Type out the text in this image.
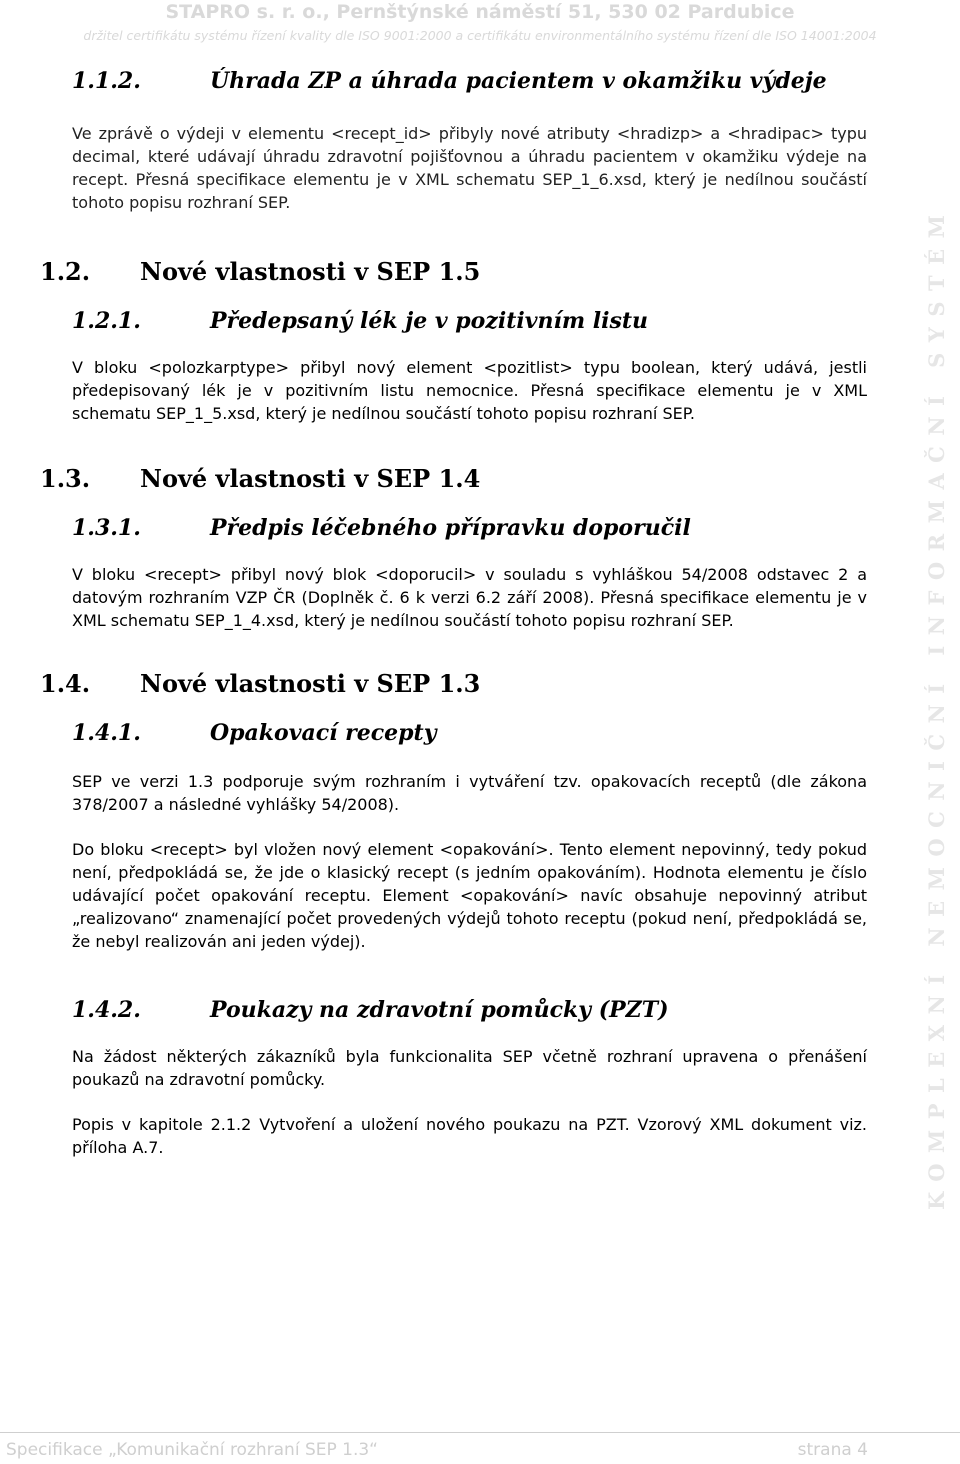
STAPRO s. r. o., Pernštýnské náměstí 51, 530 02 Pardubice
držitel certifikátu systému řízení kvality dle ISO 9001:2000 a certifikátu environmentálního systému řízení dle ISO 14001:2004
KOMPLEXNÍ NEMOCNIČNÍ INFORMAČNÍ SYSTÉM
1.1.2.	Úhrada ZP a úhrada pacientem v okamžiku výdeje

Ve zprávě o výdeji v elementu <recept_id> přibyly nové atributy <hradizp> a <hradipac> typu decimal, které udávají úhradu zdravotní pojišťovnou a úhradu pacientem v okamžiku výdeje na recept. Přesná specifikace elementu je v XML schematu SEP_1_6.xsd, který je nedílnou součástí tohoto popisu rozhraní SEP.

1.2. Nové vlastnosti v SEP 1.5
1.2.1.	Předepsaný lék je v pozitivním listu

V bloku <polozkarptype> přibyl nový element <pozitlist> typu boolean, který udává, jestli předepisovaný lék je v pozitivním listu nemocnice. Přesná specifikace elementu je v XML schematu SEP_1_5.xsd, který je nedílnou součástí tohoto popisu rozhraní SEP.

1.3. Nové vlastnosti v SEP 1.4
1.3.1.	Předpis léčebného přípravku doporučil

V bloku <recept> přibyl nový blok <doporucil> v souladu s vyhláškou 54/2008 odstavec 2 a datovým rozhraním VZP ČR (Doplněk č. 6 k verzi 6.2 září 2008). Přesná specifikace elementu je v XML schematu SEP_1_4.xsd, který je nedílnou součástí tohoto popisu rozhraní SEP.

1.4. Nové vlastnosti v SEP 1.3
1.4.1.	Opakovací recepty

SEP ve verzi 1.3 podporuje svým rozhraním i vytváření tzv. opakovacích receptů (dle zákona 378/2007 a následné vyhlášky 54/2008).

Do bloku <recept> byl vložen nový element <opakování>. Tento element nepovinný, tedy pokud není, předpokládá se, že jde o klasický recept (s jedním opakováním). Hodnota elementu je číslo udávající počet opakování receptu. Element <opakování> navíc obsahuje nepovinný atribut „realizovano“ znamenající počet provedených výdejů tohoto receptu (pokud není, předpokládá se, že nebyl realizován ani jeden výdej).

1.4.2.	Poukazy na zdravotní pomůcky (PZT)

Na žádost některých zákazníků byla funkcionalita SEP včetně rozhraní upravena o přenášení poukazů na zdravotní pomůcky.

Popis v kapitole 2.1.2 Vytvoření a uložení nového poukazu na PZT. Vzorový XML dokument viz. příloha A.7.

Specifikace „Komunikační rozhraní SEP 1.3“	strana 4
